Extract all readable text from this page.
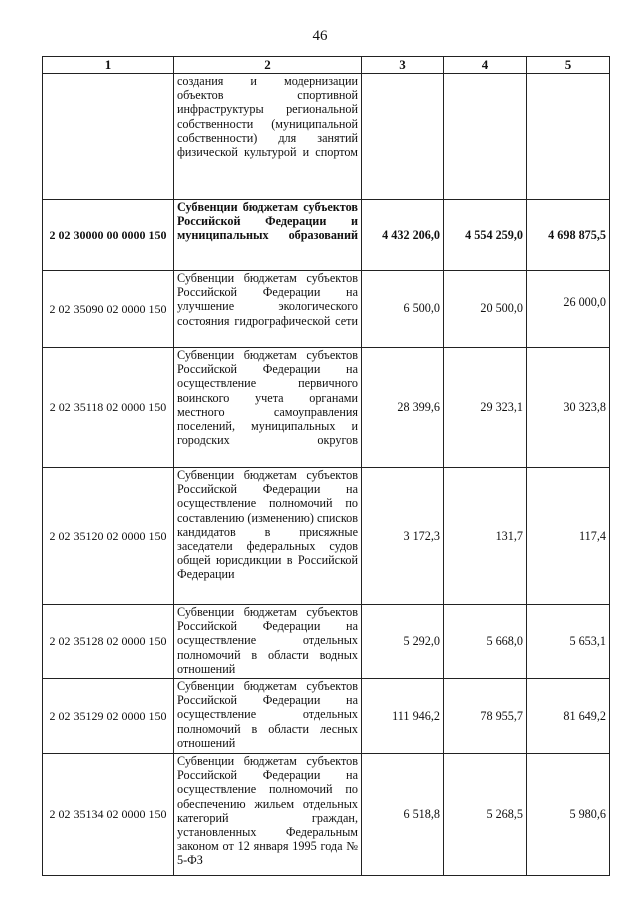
46
1	2	3	4	5
	создания и модернизации объектов спортивной инфраструктуры региональной собственности (муниципальной собственности) для занятий физической культурой и спортом			
2 02 30000 00 0000 150	Субвенции бюджетам субъектов Российской Федерации и муниципальных образований	4 432 206,0	4 554 259,0	4 698 875,5
2 02 35090 02 0000 150	Субвенции бюджетам субъектов Российской Федерации на улучшение экологического состояния гидрографической сети	6 500,0	20 500,0	26 000,0
2 02 35118 02 0000 150	Субвенции бюджетам субъектов Российской Федерации на осуществление первичного воинского учета органами местного самоуправления поселений, муниципальных и городских округов	28 399,6	29 323,1	30 323,8
2 02 35120 02 0000 150	Субвенции бюджетам субъектов Российской Федерации на осуществление полномочий по составлению (изменению) списков кандидатов в присяжные заседатели федеральных судов общей юрисдикции в Российской Федерации	3 172,3	131,7	117,4
2 02 35128 02 0000 150	Субвенции бюджетам субъектов Российской Федерации на осуществление отдельных полномочий в области водных отношений	5 292,0	5 668,0	5 653,1
2 02 35129 02 0000 150	Субвенции бюджетам субъектов Российской Федерации на осуществление отдельных полномочий в области лесных отношений	111 946,2	78 955,7	81 649,2
2 02 35134 02 0000 150	Субвенции бюджетам субъектов Российской Федерации на осуществление полномочий по обеспечению жильем отдельных категорий граждан, установленных Федеральным законом от 12 января 1995 года № 5-ФЗ	6 518,8	5 268,5	5 980,6
